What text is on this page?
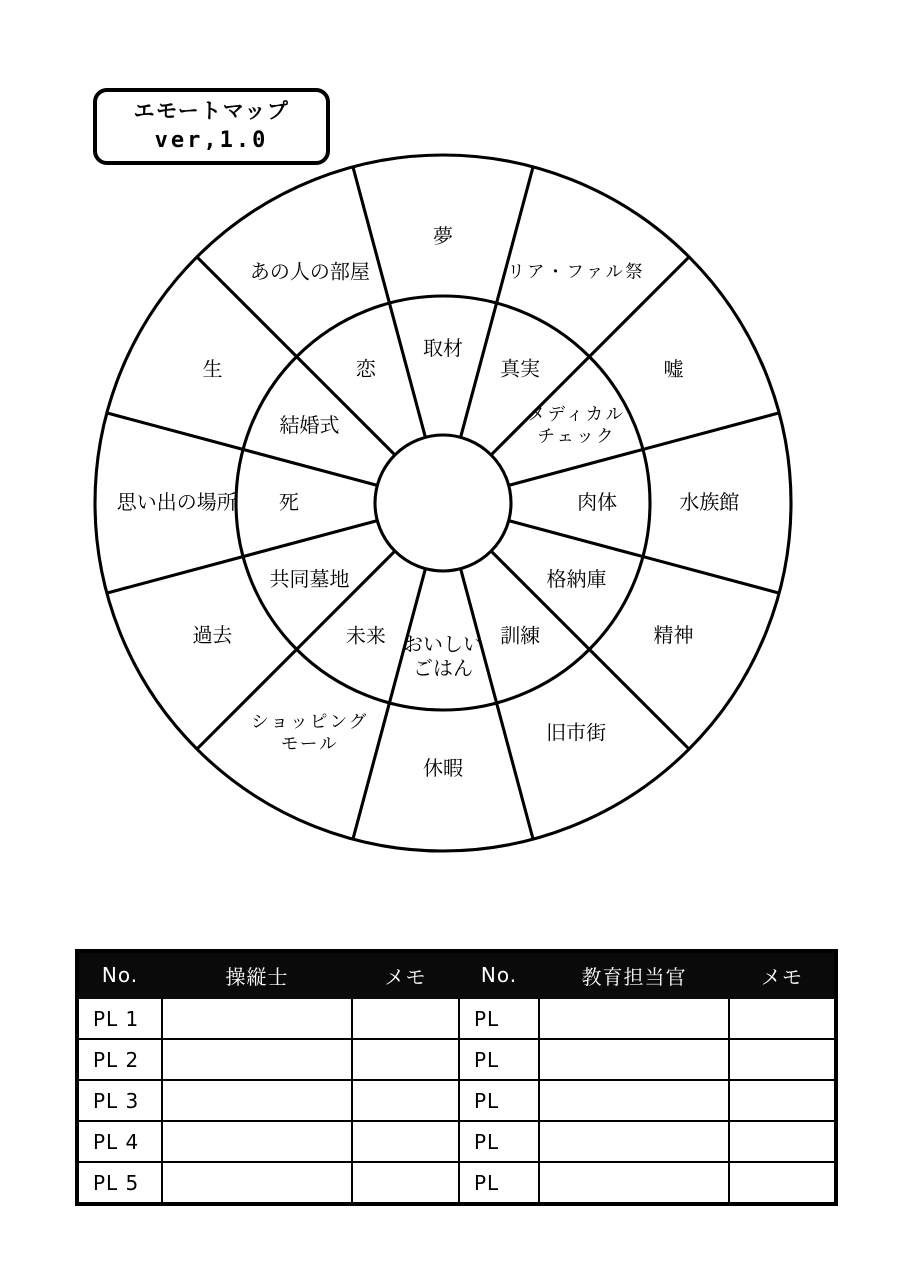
エモートマップ
ver,1.0
夢
リア・ファル祭
嘘
水族館
精神
旧市街
休暇
ショッピングモール
過去
思い出の場所
生
あの人の部屋
取材
真実
メディカルチェック
肉体
格納庫
訓練
おいしいごはん
未来
共同墓地
死
結婚式
恋
No.	操縦士	メモ	No.	教育担当官	メモ
PL 1			PL		
PL 2			PL		
PL 3			PL		
PL 4			PL		
PL 5			PL		
